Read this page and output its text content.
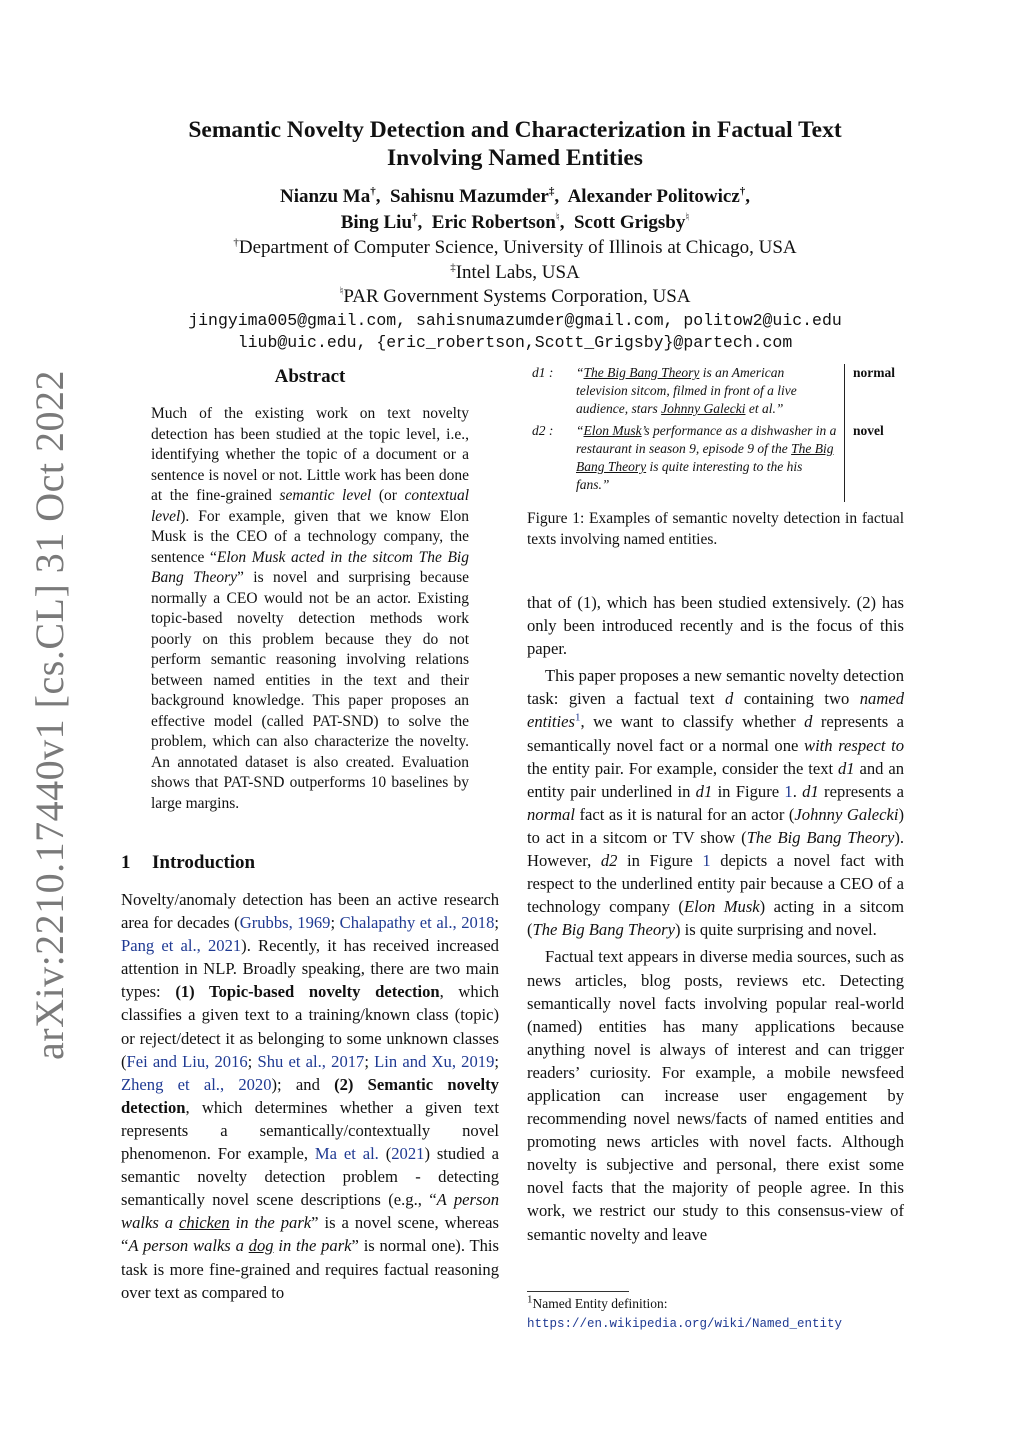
arXiv:2210.17440v1 [cs.CL] 31 Oct 2022

Semantic Novelty Detection and Characterization in Factual Text
Involving Named Entities

Nianzu Ma†,  Sahisnu Mazumder‡,  Alexander Politowicz†,
Bing Liu†,  Eric Robertson♮,  Scott Grigsby♮
†Department of Computer Science, University of Illinois at Chicago, USA
‡Intel Labs, USA
♮PAR Government Systems Corporation, USA
jingyima005@gmail.com, sahisnumazumder@gmail.com, politow2@uic.edu
liub@uic.edu, {eric_robertson,Scott_Grigsby}@partech.com
Abstract
Much of the existing work on text novelty detection has been studied at the topic level, i.e., identifying whether the topic of a document or a sentence is novel or not. Little work has been done at the fine-grained semantic level (or contextual level). For example, given that we know Elon Musk is the CEO of a technology company, the sentence “Elon Musk acted in the sitcom The Big Bang Theory” is novel and surprising because normally a CEO would not be an actor. Existing topic-based novelty detection methods work poorly on this problem because they do not perform semantic reasoning involving relations between named entities in the text and their background knowledge. This paper proposes an effective model (called PAT-SND) to solve the problem, which can also characterize the novelty. An annotated dataset is also created. Evaluation shows that PAT-SND outperforms 10 baselines by large margins.
1 Introduction

Novelty/anomaly detection has been an active research area for decades (Grubbs, 1969; Chalapathy et al., 2018; Pang et al., 2021). Recently, it has received increased attention in NLP. Broadly speaking, there are two main types: (1) Topic-based novelty detection, which classifies a given text to a training/known class (topic) or reject/detect it as belonging to some unknown classes (Fei and Liu, 2016; Shu et al., 2017; Lin and Xu, 2019; Zheng et al., 2020); and (2) Semantic novelty detection, which determines whether a given text represents a semantically/contextually novel phenomenon. For example, Ma et al. (2021) studied a semantic novelty detection problem - detecting semantically novel scene descriptions (e.g., “A person walks a chicken in the park” is a novel scene, whereas “A person walks a dog in the park” is normal one). This task is more fine-grained and requires factual reasoning over text as compared to

d1 :	“The Big Bang Theory is an American television sitcom, filmed in front of a live audience, stars Johnny Galecki et al.”
normal
d2 :	“Elon Musk’s performance as a dishwasher in a restaurant in season 9, episode 9 of the The Big Bang Theory is quite interesting to the his fans.”
novel
Figure 1: Examples of semantic novelty detection in factual texts involving named entities.

that of (1), which has been studied extensively. (2) has only been introduced recently and is the focus of this paper.

This paper proposes a new semantic novelty detection task: given a factual text d containing two named entities$^1$, we want to classify whether d represents a semantically novel fact or a normal one with respect to the entity pair. For example, consider the text d1 and an entity pair underlined in d1 in Figure 1. d1 represents a normal fact as it is natural for an actor (Johnny Galecki) to act in a sitcom or TV show (The Big Bang Theory). However, d2 in Figure 1 depicts a novel fact with respect to the underlined entity pair because a CEO of a technology company (Elon Musk) acting in a sitcom (The Big Bang Theory) is quite surprising and novel.

Factual text appears in diverse media sources, such as news articles, blog posts, reviews etc. Detecting semantically novel facts involving popular real-world (named) entities has many applications because anything novel is always of interest and can trigger readers’ curiosity. For example, a mobile newsfeed application can increase user engagement by recommending novel news/facts of named entities and promoting news articles with novel facts. Although novelty is subjective and personal, there exist some novel facts that the majority of people agree. In this work, we restrict our study to this consensus-view of semantic novelty and leave

$^1$Named Entity definition: https://en.wikipedia.org/wiki/Named_entity
